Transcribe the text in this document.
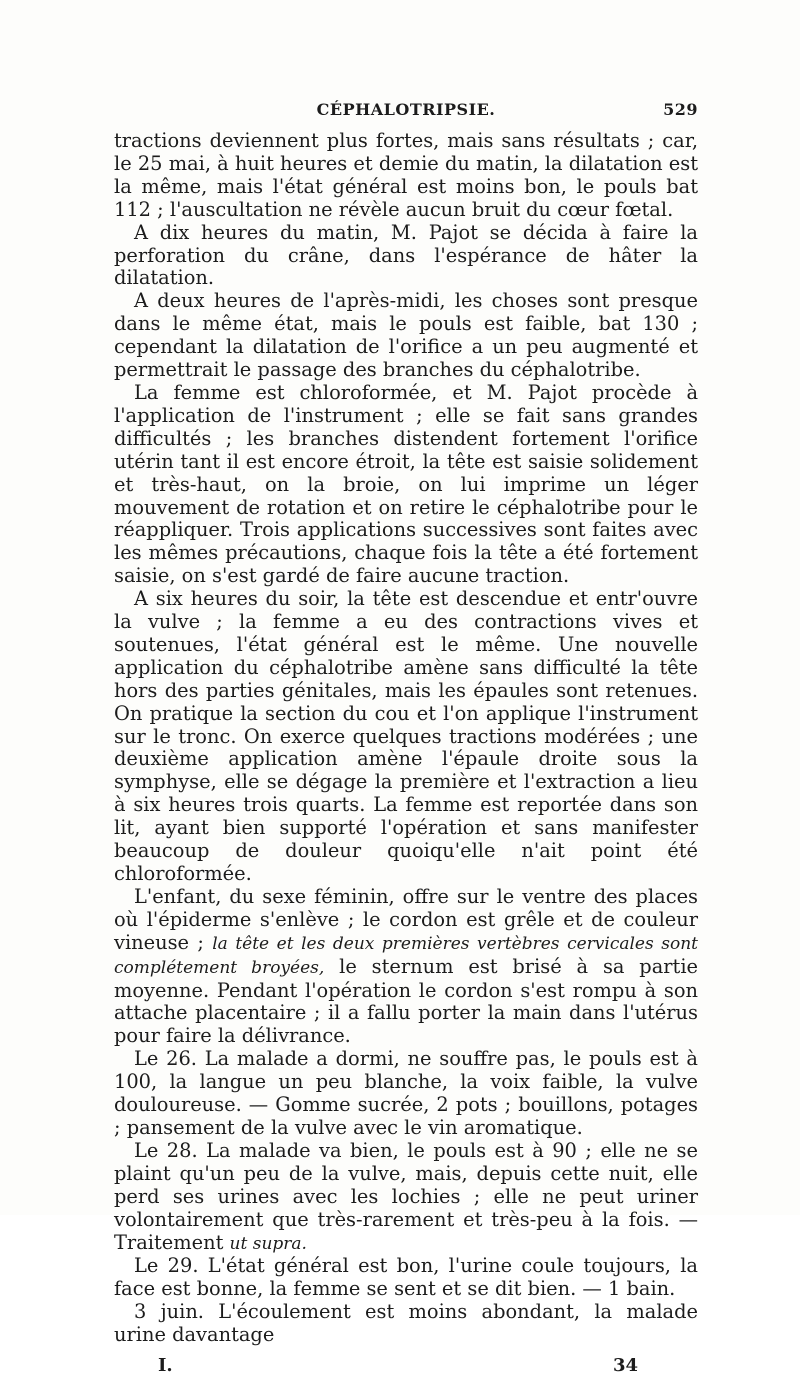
CÉPHALOTRIPSIE.	529

tractions deviennent plus fortes, mais sans résultats ; car, le 25 mai, à huit heures et demie du matin, la dilatation est la même, mais l'état général est moins bon, le pouls bat 112 ; l'auscultation ne révèle aucun bruit du cœur fœtal.

A dix heures du matin, M. Pajot se décida à faire la perforation du crâne, dans l'espérance de hâter la dilatation.

A deux heures de l'après-midi, les choses sont presque dans le même état, mais le pouls est faible, bat 130 ; cependant la dilatation de l'orifice a un peu augmenté et permettrait le passage des branches du céphalotribe.

La femme est chloroformée, et M. Pajot procède à l'application de l'instrument ; elle se fait sans grandes difficultés ; les branches distendent fortement l'orifice utérin tant il est encore étroit, la tête est saisie solidement et très-haut, on la broie, on lui imprime un léger mouvement de rotation et on retire le céphalotribe pour le réappliquer. Trois applications successives sont faites avec les mêmes précautions, chaque fois la tête a été fortement saisie, on s'est gardé de faire aucune traction.

A six heures du soir, la tête est descendue et entr'ouvre la vulve ; la femme a eu des contractions vives et soutenues, l'état général est le même. Une nouvelle application du céphalotribe amène sans difficulté la tête hors des parties génitales, mais les épaules sont retenues. On pratique la section du cou et l'on applique l'instrument sur le tronc. On exerce quelques tractions modérées ; une deuxième application amène l'épaule droite sous la symphyse, elle se dégage la première et l'extraction a lieu à six heures trois quarts. La femme est reportée dans son lit, ayant bien supporté l'opération et sans manifester beaucoup de douleur quoiqu'elle n'ait point été chloroformée.

L'enfant, du sexe féminin, offre sur le ventre des places où l'épiderme s'enlève ; le cordon est grêle et de couleur vineuse ; la tête et les deux premières vertèbres cervicales sont complétement broyées, le sternum est brisé à sa partie moyenne. Pendant l'opération le cordon s'est rompu à son attache placentaire ; il a fallu porter la main dans l'utérus pour faire la délivrance.

Le 26. La malade a dormi, ne souffre pas, le pouls est à 100, la langue un peu blanche, la voix faible, la vulve douloureuse. — Gomme sucrée, 2 pots ; bouillons, potages ; pansement de la vulve avec le vin aromatique.

Le 28. La malade va bien, le pouls est à 90 ; elle ne se plaint qu'un peu de la vulve, mais, depuis cette nuit, elle perd ses urines avec les lochies ; elle ne peut uriner volontairement que très-rarement et très-peu à la fois. — Traitement ut supra.

Le 29. L'état général est bon, l'urine coule toujours, la face est bonne, la femme se sent et se dit bien. — 1 bain.

3 juin. L'écoulement est moins abondant, la malade urine davantage

I.	34
